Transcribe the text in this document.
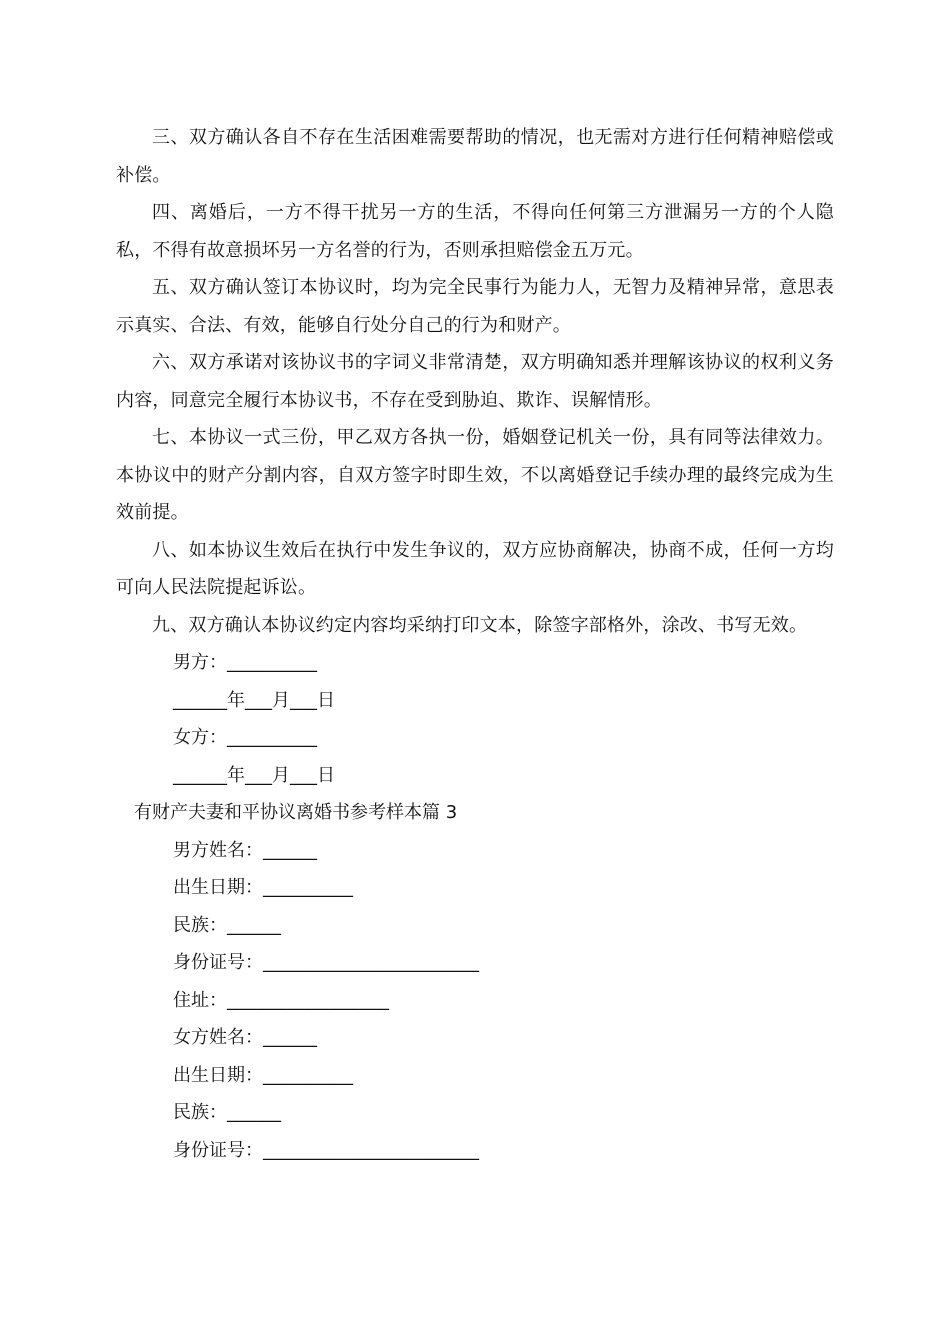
三、双方确认各自不存在生活困难需要帮助的情况，也无需对方进行任何精神赔偿或补偿。

四、离婚后，一方不得干扰另一方的生活，不得向任何第三方泄漏另一方的个人隐私，不得有故意损坏另一方名誉的行为，否则承担赔偿金五万元。

五、双方确认签订本协议时，均为完全民事行为能力人，无智力及精神异常，意思表示真实、合法、有效，能够自行处分自己的行为和财产。

六、双方承诺对该协议书的字词义非常清楚，双方明确知悉并理解该协议的权利义务内容，同意完全履行本协议书，不存在受到胁迫、欺诈、误解情形。

七、本协议一式三份，甲乙双方各执一份，婚姻登记机关一份，具有同等法律效力。本协议中的财产分割内容，自双方签字时即生效，不以离婚登记手续办理的最终完成为生效前提。

八、如本协议生效后在执行中发生争议的，双方应协商解决，协商不成，任何一方均可向人民法院提起诉讼。

九、双方确认本协议约定内容均采纳打印文本，除签字部格外，涂改、书写无效。

男方：__________

______年___月___日

女方：__________

______年___月___日

有财产夫妻和平协议离婚书参考样本篇 3

男方姓名：______

出生日期：__________

民族：______

身份证号：________________________

住址：__________________

女方姓名：______

出生日期：__________

民族：______

身份证号：________________________
